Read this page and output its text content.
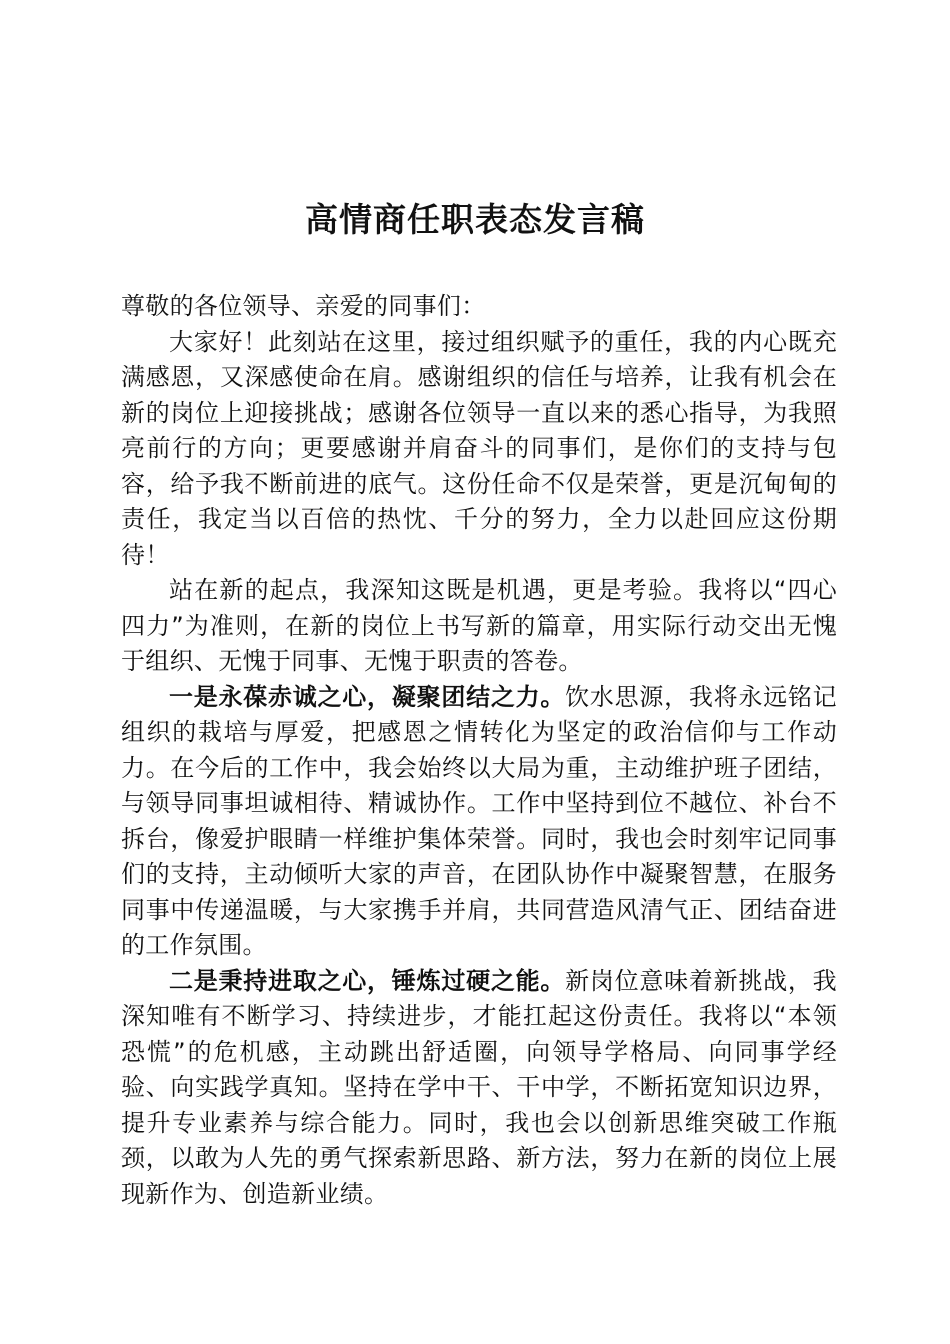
高情商任职表态发言稿

尊敬的各位领导、亲爱的同事们：

大家好！此刻站在这里，接过组织赋予的重任，我的内心既充满感恩，又深感使命在肩。感谢组织的信任与培养，让我有机会在新的岗位上迎接挑战；感谢各位领导一直以来的悉心指导，为我照亮前行的方向；更要感谢并肩奋斗的同事们，是你们的支持与包容，给予我不断前进的底气。这份任命不仅是荣誉，更是沉甸甸的责任，我定当以百倍的热忱、千分的努力，全力以赴回应这份期待！

站在新的起点，我深知这既是机遇，更是考验。我将以“四心四力”为准则，在新的岗位上书写新的篇章，用实际行动交出无愧于组织、无愧于同事、无愧于职责的答卷。

一是永葆赤诚之心，凝聚团结之力。饮水思源，我将永远铭记组织的栽培与厚爱，把感恩之情转化为坚定的政治信仰与工作动力。在今后的工作中，我会始终以大局为重，主动维护班子团结，与领导同事坦诚相待、精诚协作。工作中坚持到位不越位、补台不拆台，像爱护眼睛一样维护集体荣誉。同时，我也会时刻牢记同事们的支持，主动倾听大家的声音，在团队协作中凝聚智慧，在服务同事中传递温暖，与大家携手并肩，共同营造风清气正、团结奋进的工作氛围。

二是秉持进取之心，锤炼过硬之能。新岗位意味着新挑战，我深知唯有不断学习、持续进步，才能扛起这份责任。我将以“本领恐慌”的危机感，主动跳出舒适圈，向领导学格局、向同事学经验、向实践学真知。坚持在学中干、干中学，不断拓宽知识边界，提升专业素养与综合能力。同时，我也会以创新思维突破工作瓶颈，以敢为人先的勇气探索新思路、新方法，努力在新的岗位上展现新作为、创造新业绩。
